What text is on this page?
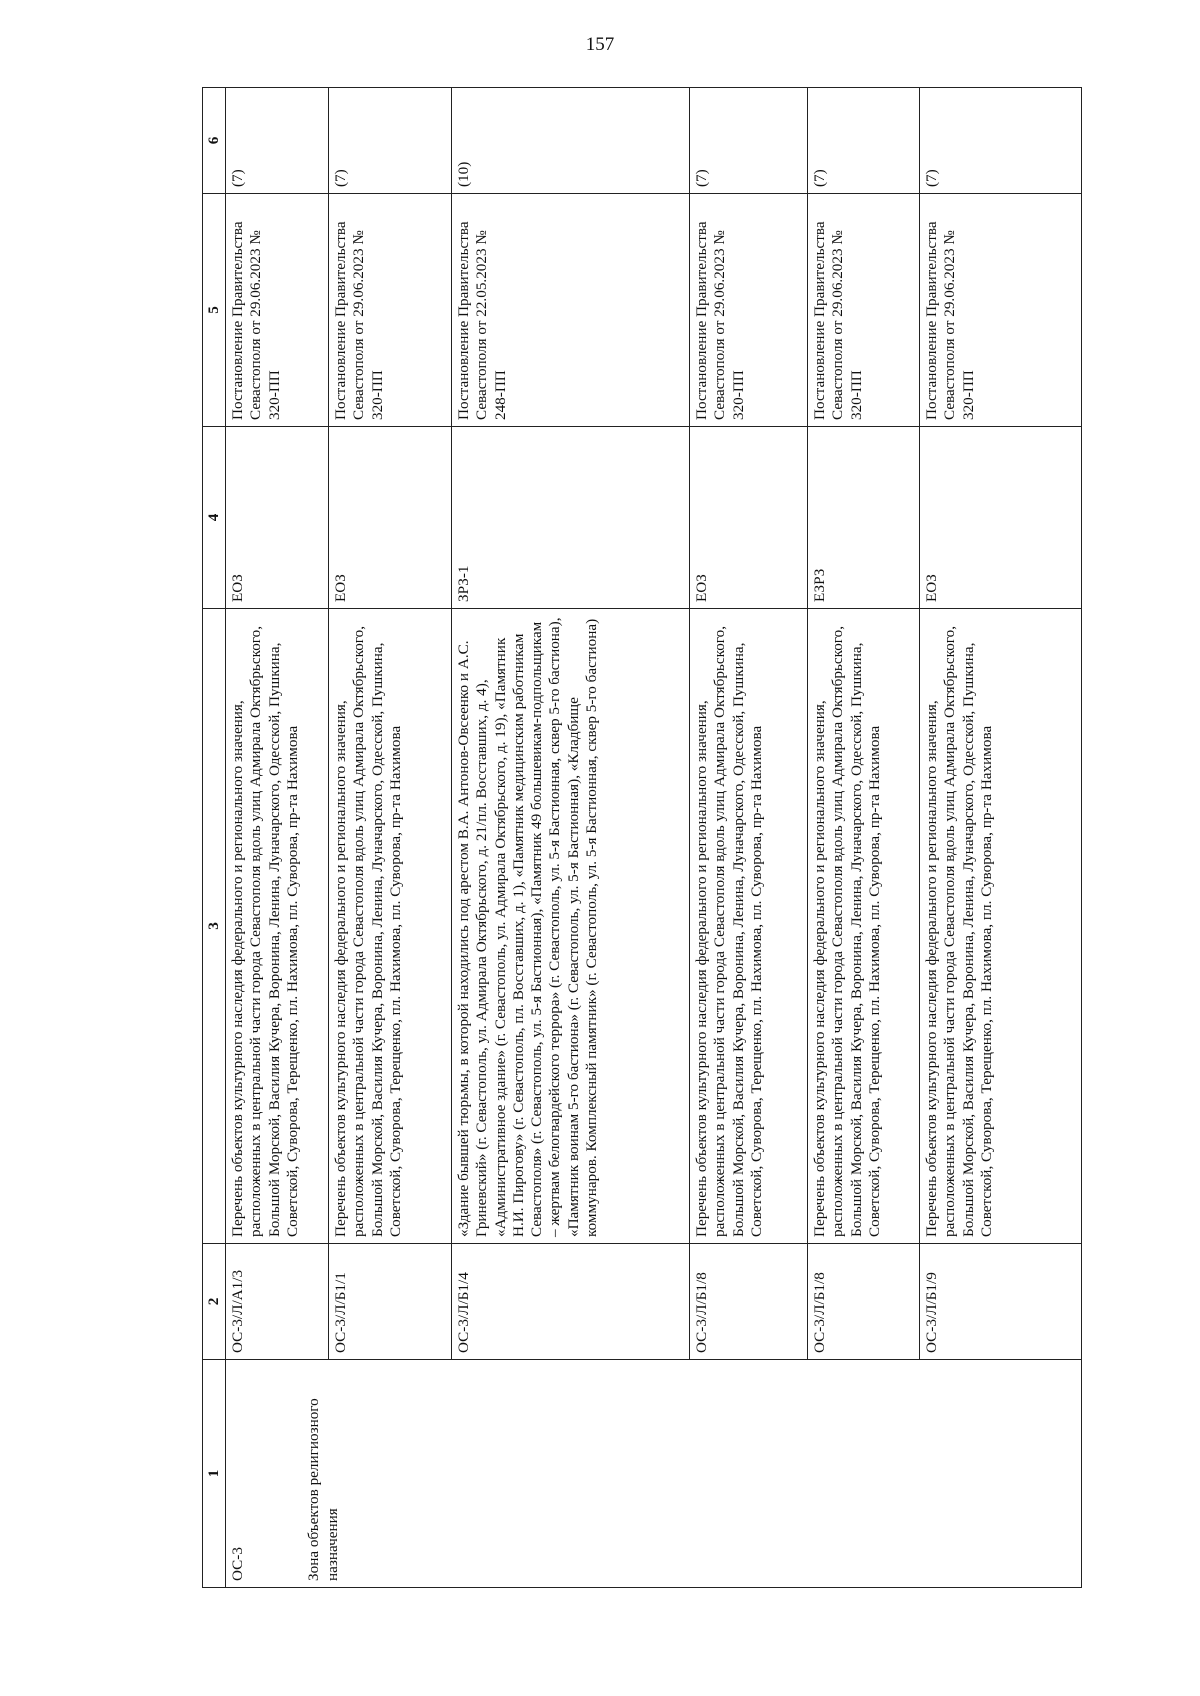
157
1	2	3	4	5	6

ОС-3 Зона объектов религиозного назначения	ОС-3/Л/А1/3	Перечень объектов культурного наследия федерального и регионального значения, расположенных в центральной части города Севастополя вдоль улиц Адмирала Октябрьского, Большой Морской, Василия Кучера, Воронина, Ленина, Луначарского, Одесской, Пушкина, Советской, Суворова, Терещенко, пл. Нахимова, пл. Суворова, пр-та Нахимова	ЕОЗ	Постановление Правительства Севастополя от 29.06.2023 № 320-ПП	(7)
	ОС-3/Л/Б1/1	Перечень объектов культурного наследия федерального и регионального значения, расположенных в центральной части города Севастополя вдоль улиц Адмирала Октябрьского, Большой Морской, Василия Кучера, Воронина, Ленина, Луначарского, Одесской, Пушкина, Советской, Суворова, Терещенко, пл. Нахимова, пл. Суворова, пр-та Нахимова	ЕОЗ	Постановление Правительства Севастополя от 29.06.2023 № 320-ПП	(7)
	ОС-3/Л/Б1/4	«Здание бывшей тюрьмы, в которой находились под арестом В.А. Антонов-Овсеенко и А.С. Гриневский» (г. Севастополь, ул. Адмирала Октябрьского, д. 21/пл. Восставших, д. 4), «Административное здание» (г. Севастополь, ул. Адмирала Октябрьского, д. 19), «Памятник Н.И. Пирогову» (г. Севастополь, пл. Восставших, д. 1), «Памятник медицинским работникам Севастополя» (г. Севастополь, ул. 5-я Бастионная), «Памятник 49 большевикам-подпольщикам – жертвам белогвардейского террора» (г. Севастополь, ул. 5-я Бастионная, сквер 5-го бастиона), «Памятник воинам 5-го бастиона» (г. Севастополь, ул. 5-я Бастионная), «Кладбище коммунаров. Комплексный памятник» (г. Севастополь, ул. 5-я Бастионная, сквер 5-го бастиона)	ЗРЗ-1	Постановление Правительства Севастополя от 22.05.2023 № 248-ПП	(10)
	ОС-3/Л/Б1/8	Перечень объектов культурного наследия федерального и регионального значения, расположенных в центральной части города Севастополя вдоль улиц Адмирала Октябрьского, Большой Морской, Василия Кучера, Воронина, Ленина, Луначарского, Одесской, Пушкина, Советской, Суворова, Терещенко, пл. Нахимова, пл. Суворова, пр-та Нахимова	ЕОЗ	Постановление Правительства Севастополя от 29.06.2023 № 320-ПП	(7)
	ОС-3/Л/Б1/8	Перечень объектов культурного наследия федерального и регионального значения, расположенных в центральной части города Севастополя вдоль улиц Адмирала Октябрьского, Большой Морской, Василия Кучера, Воронина, Ленина, Луначарского, Одесской, Пушкина, Советской, Суворова, Терещенко, пл. Нахимова, пл. Суворова, пр-та Нахимова	ЕЗРЗ	Постановление Правительства Севастополя от 29.06.2023 № 320-ПП	(7)
	ОС-3/Л/Б1/9	Перечень объектов культурного наследия федерального и регионального значения, расположенных в центральной части города Севастополя вдоль улиц Адмирала Октябрьского, Большой Морской, Василия Кучера, Воронина, Ленина, Луначарского, Одесской, Пушкина, Советской, Суворова, Терещенко, пл. Нахимова, пл. Суворова, пр-та Нахимова	ЕОЗ	Постановление Правительства Севастополя от 29.06.2023 № 320-ПП	(7)
